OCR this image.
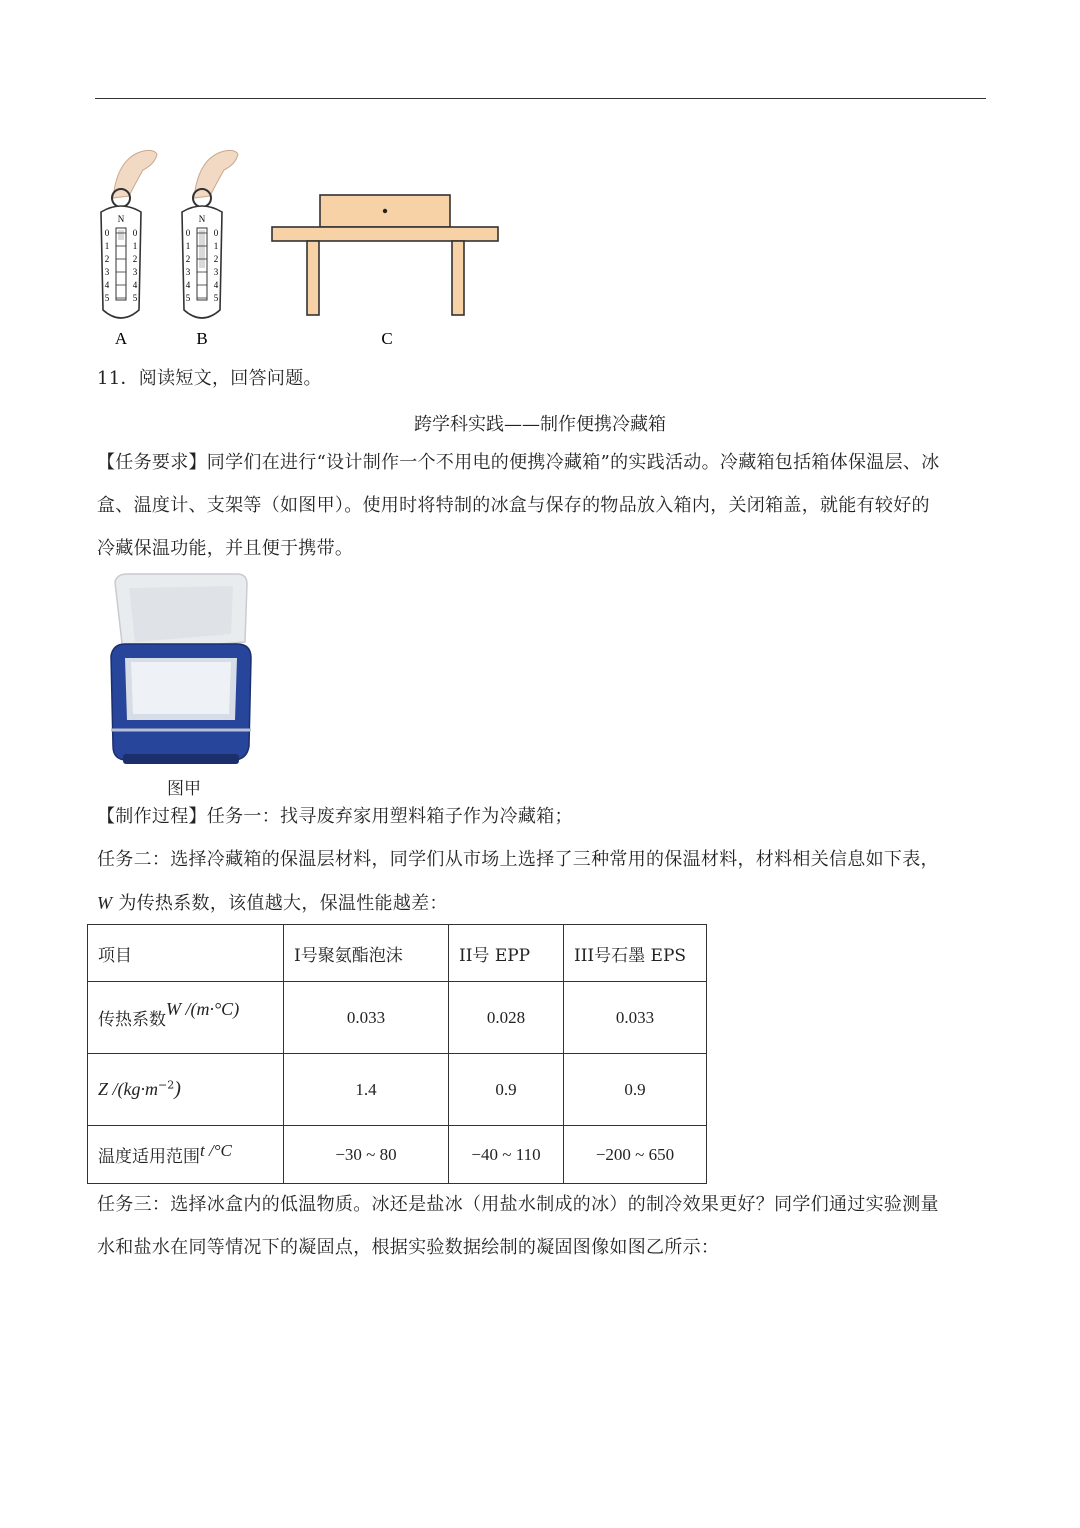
N	N
0	0
1	1
2	2
3	3
4	4
5	5
0	0
1	1
2	2
3	3
4	4
5	5
A	B	C
11．阅读短文，回答问题。
跨学科实践——制作便携冷藏箱
【任务要求】同学们在进行“设计制作一个不用电的便携冷藏箱”的实践活动。冷藏箱包括箱体保温层、冰
盒、温度计、支架等（如图甲）。使用时将特制的冰盒与保存的物品放入箱内，关闭箱盖，就能有较好的
冷藏保温功能，并且便于携带。
图甲
【制作过程】任务一：找寻废弃家用塑料箱子作为冷藏箱；
任务二：选择冷藏箱的保温层材料，同学们从市场上选择了三种常用的保温材料，材料相关信息如下表，
W 为传热系数，该值越大，保温性能越差：
项目	I号聚氨酯泡沫	II号 EPP	III号石墨 EPS
传热系数W /(m·°C)	0.033	0.028	0.033
Z $/(kg\cdot m^{-2})$	1.4	0.9	0.9
温度适用范围t /°C	−30 ~ 80	−40 ~ 110	−200 ~ 650
任务三：选择冰盒内的低温物质。冰还是盐冰（用盐水制成的冰）的制冷效果更好？同学们通过实验测量
水和盐水在同等情况下的凝固点，根据实验数据绘制的凝固图像如图乙所示：
